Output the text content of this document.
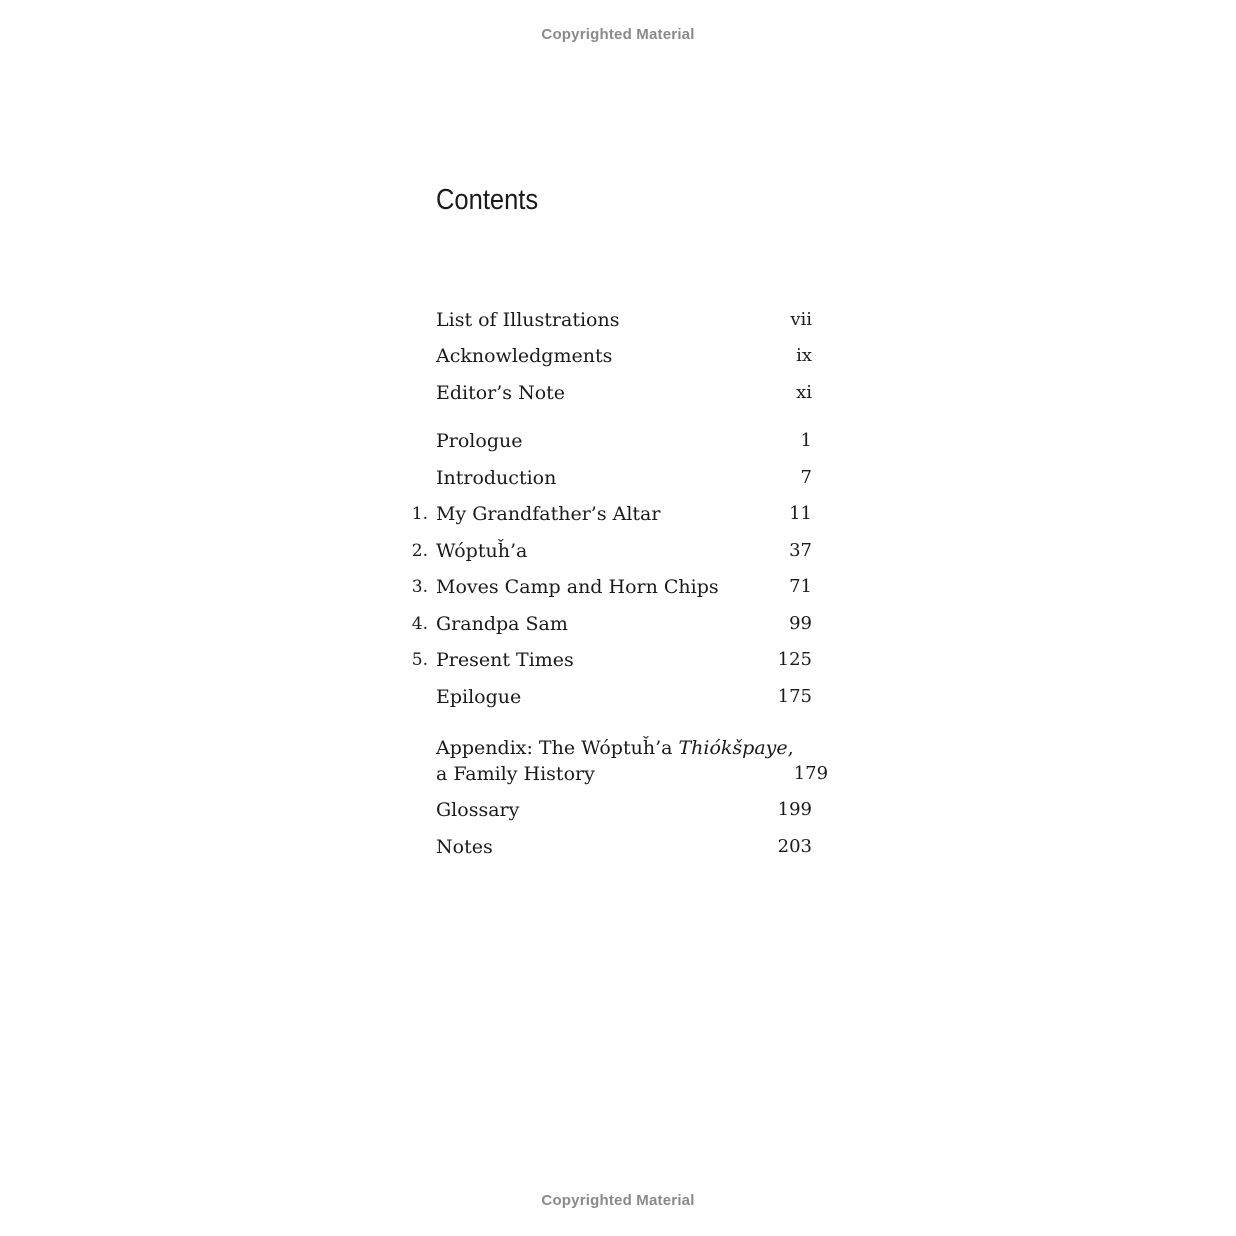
Copyrighted Material
Contents
List of Illustrations	vii
Acknowledgments	ix
Editor’s Note	xi
Prologue	1
Introduction	7
1. My Grandfather’s Altar	11
2. Wóptuȟ’a	37
3. Moves Camp and Horn Chips	71
4. Grandpa Sam	99
5. Present Times	125
Epilogue	175
Appendix: The Wóptuȟ’a Thiókšpaye,
a Family History	179
Glossary	199
Notes	203
Copyrighted Material
